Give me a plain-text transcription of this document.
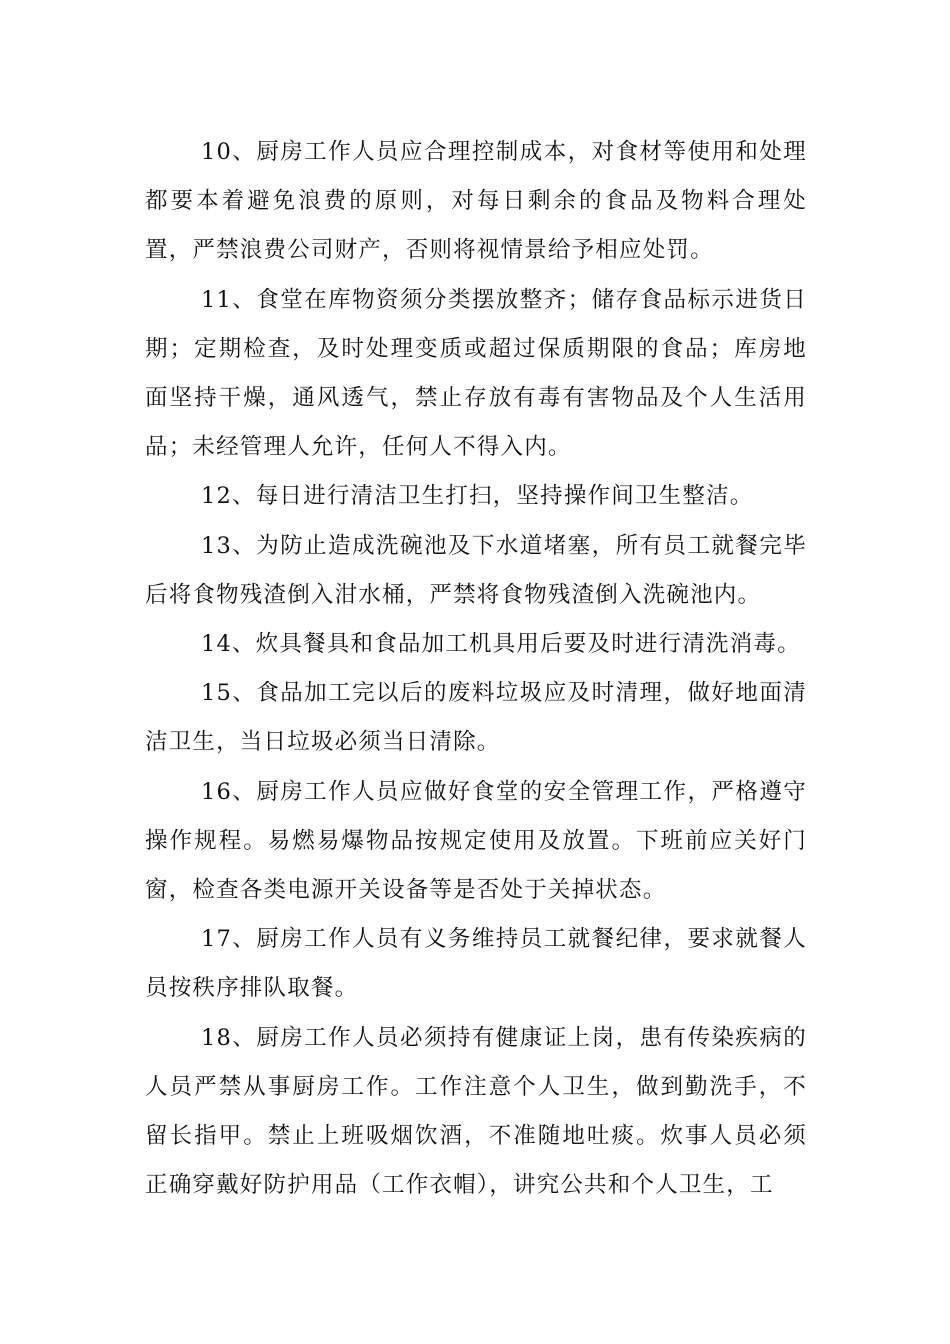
10、厨房工作人员应合理控制成本，对食材等使用和处理都要本着避免浪费的原则，对每日剩余的食品及物料合理处置，严禁浪费公司财产，否则将视情景给予相应处罚。

11、食堂在库物资须分类摆放整齐；储存食品标示进货日期；定期检查，及时处理变质或超过保质期限的食品；库房地面坚持干燥，通风透气，禁止存放有毒有害物品及个人生活用品；未经管理人允许，任何人不得入内。

12、每日进行清洁卫生打扫，坚持操作间卫生整洁。

13、为防止造成洗碗池及下水道堵塞，所有员工就餐完毕后将食物残渣倒入泔水桶，严禁将食物残渣倒入洗碗池内。

14、炊具餐具和食品加工机具用后要及时进行清洗消毒。

15、食品加工完以后的废料垃圾应及时清理，做好地面清洁卫生，当日垃圾必须当日清除。

16、厨房工作人员应做好食堂的安全管理工作，严格遵守操作规程。易燃易爆物品按规定使用及放置。下班前应关好门窗，检查各类电源开关设备等是否处于关掉状态。

17、厨房工作人员有义务维持员工就餐纪律，要求就餐人员按秩序排队取餐。

18、厨房工作人员必须持有健康证上岗，患有传染疾病的人员严禁从事厨房工作。工作注意个人卫生，做到勤洗手，不留长指甲。禁止上班吸烟饮酒，不准随地吐痰。炊事人员必须正确穿戴好防护用品（工作衣帽），讲究公共和个人卫生，工
